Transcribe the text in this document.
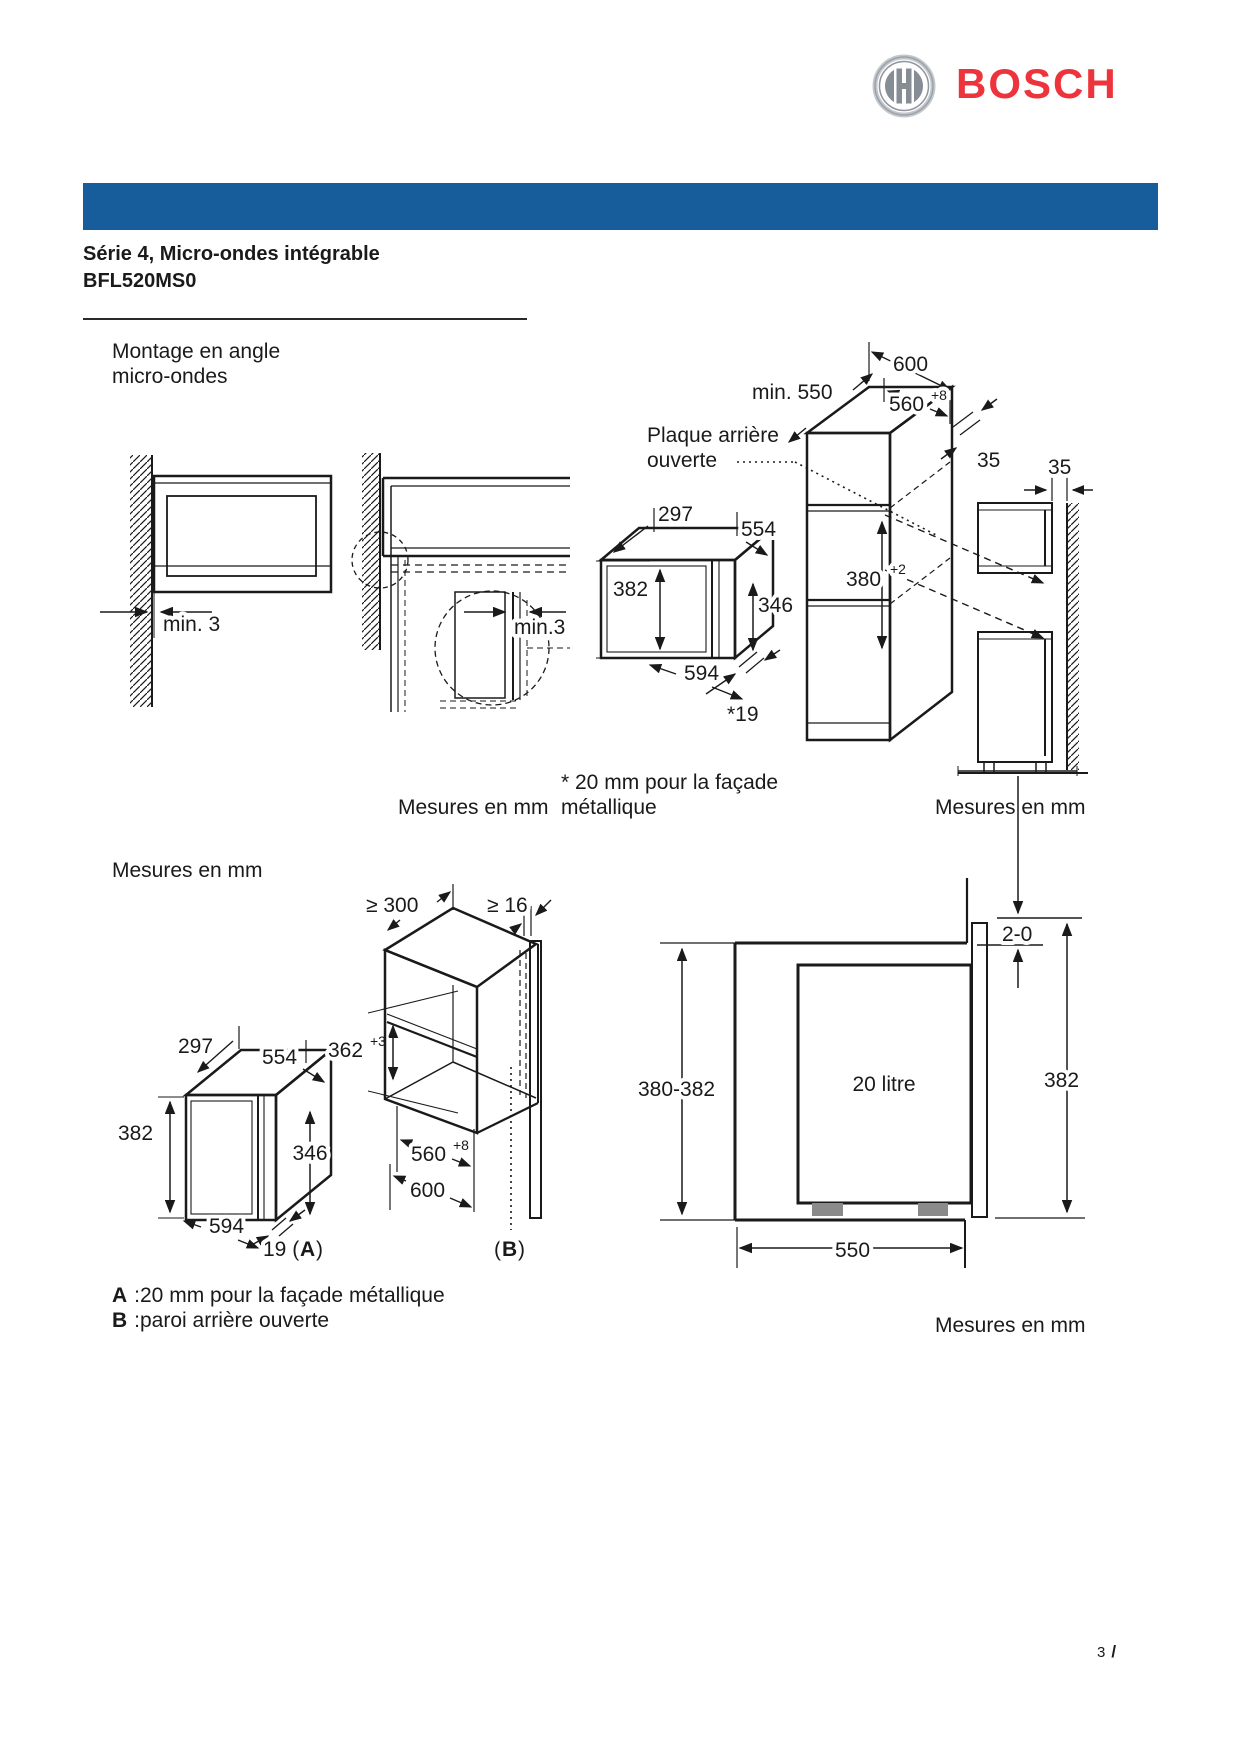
BOSCH
Série 4, Micro-ondes intégrable
BFL520MS0
Montage en angle
micro-ondes
min. 3	min.3
Plaque arrière
ouverte
380 +2
min. 550
600
560 +8
35
297
554
382
346
594
*19
35
Mesures en mm
* 20 mm pour la façade
métallique	Mesures en mm
Mesures en mm
297 554 362 +3
382
346
594
19 ( A )
≥ 300	≥ 16
560 +8
600
( B )
A :20 mm pour la façade métallique
B :paroi arrière ouverte
2-0
20 litre
380-382	382
550
Mesures en mm
3 /
